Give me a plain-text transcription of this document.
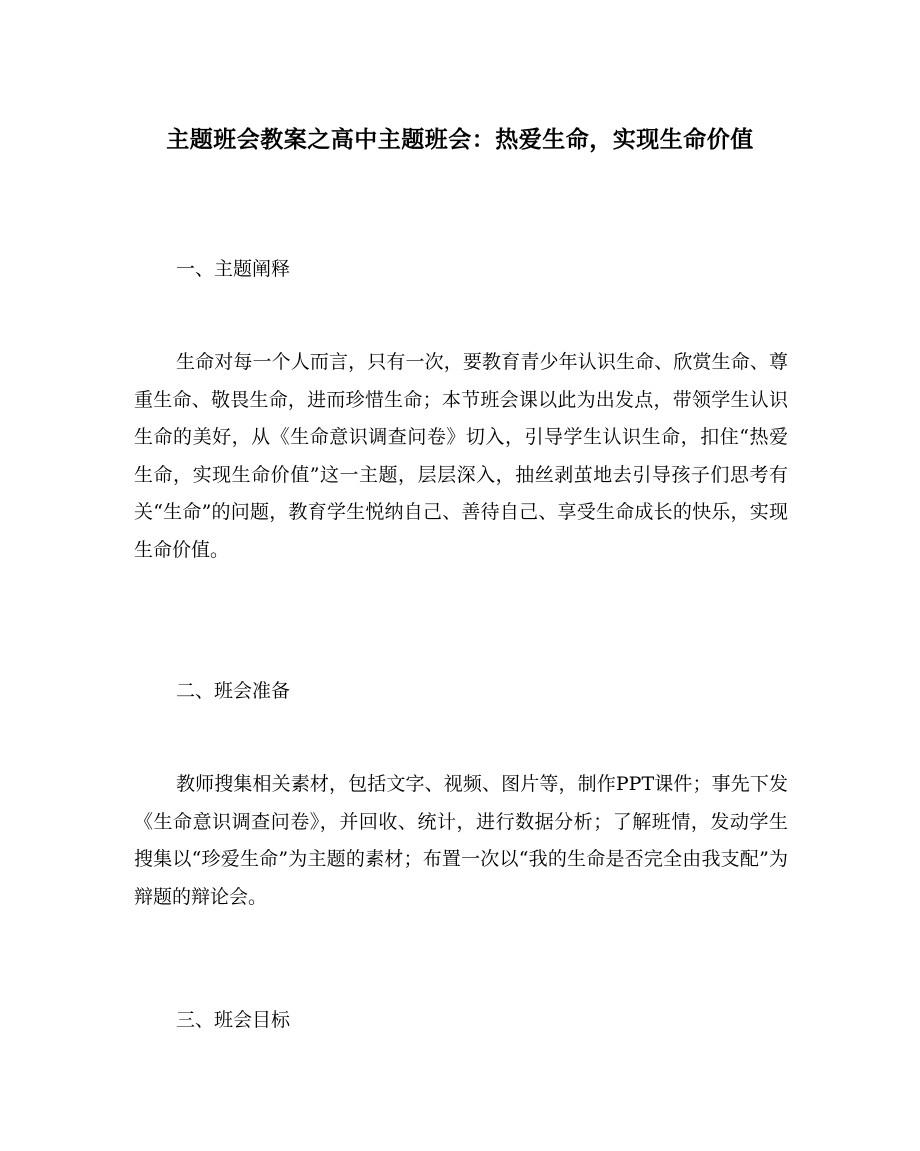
主题班会教案之高中主题班会：热爱生命，实现生命价值
一、主题阐释

生命对每一个人而言，只有一次，要教育青少年认识生命、欣赏生命、尊重生命、敬畏生命，进而珍惜生命；本节班会课以此为出发点，带领学生认识生命的美好，从《生命意识调查问卷》切入，引导学生认识生命，扣住“热爱生命，实现生命价值”这一主题，层层深入，抽丝剥茧地去引导孩子们思考有关“生命”的问题，教育学生悦纳自己、善待自己、享受生命成长的快乐，实现生命价值。

二、班会准备

教师搜集相关素材，包括文字、视频、图片等，制作PPT课件；事先下发《生命意识调查问卷》，并回收、统计，进行数据分析；了解班情，发动学生搜集以“珍爱生命”为主题的素材；布置一次以“我的生命是否完全由我支配”为辩题的辩论会。

三、班会目标
